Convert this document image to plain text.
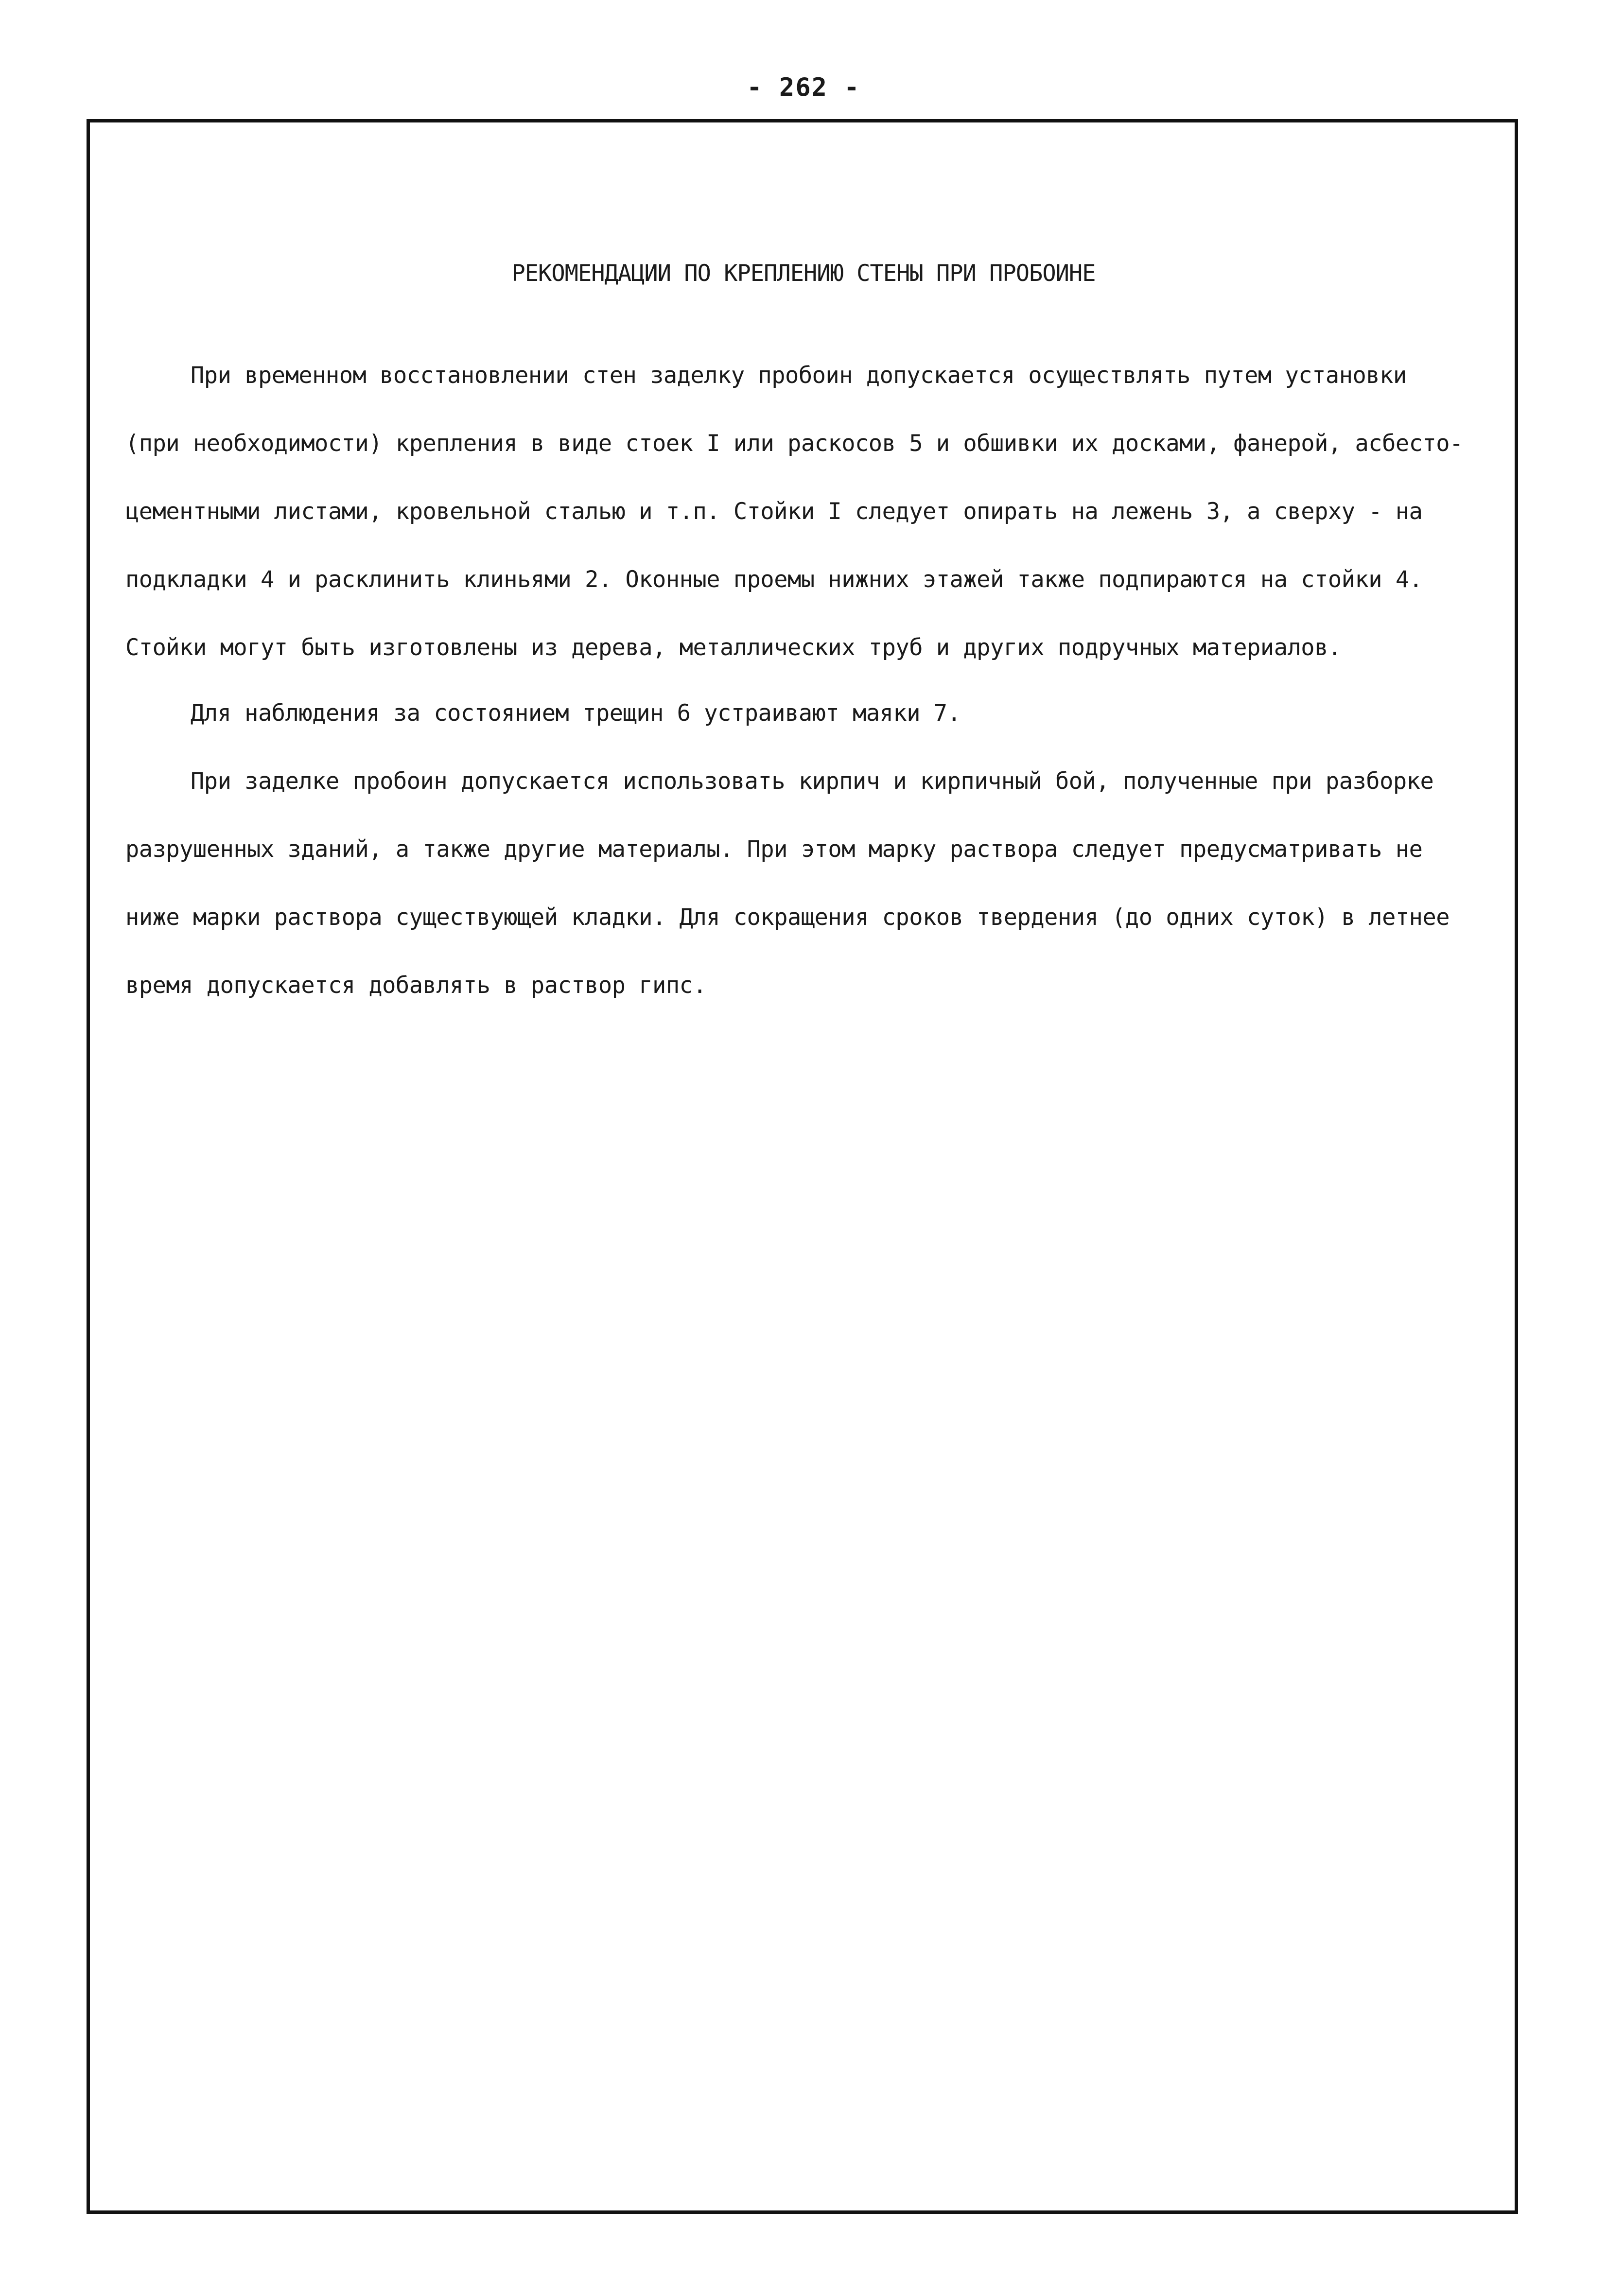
- 262 -
РЕКОМЕНДАЦИИ ПО КРЕПЛЕНИЮ СТЕНЫ ПРИ ПРОБОИНЕ
При временном восстановлении стен заделку пробоин допускается осуществлять путем установки
(при необходимости) крепления в виде стоек I или раскосов 5 и обшивки их досками, фанерой, асбесто-
цементными листами, кровельной сталью и т.п. Стойки I следует опирать на лежень 3, а сверху - на
подкладки 4 и расклинить клиньями 2. Оконные проемы нижних этажей также подпираются на стойки 4.
Стойки могут быть изготовлены из дерева, металлических труб и других подручных материалов.
Для наблюдения за состоянием трещин 6 устраивают маяки 7.
При заделке пробоин допускается использовать кирпич и кирпичный бой, полученные при разборке
разрушенных зданий, а также другие материалы. При этом марку раствора следует предусматривать не
ниже марки раствора существующей кладки. Для сокращения сроков твердения (до одних суток) в летнее
время допускается добавлять в раствор гипс.
